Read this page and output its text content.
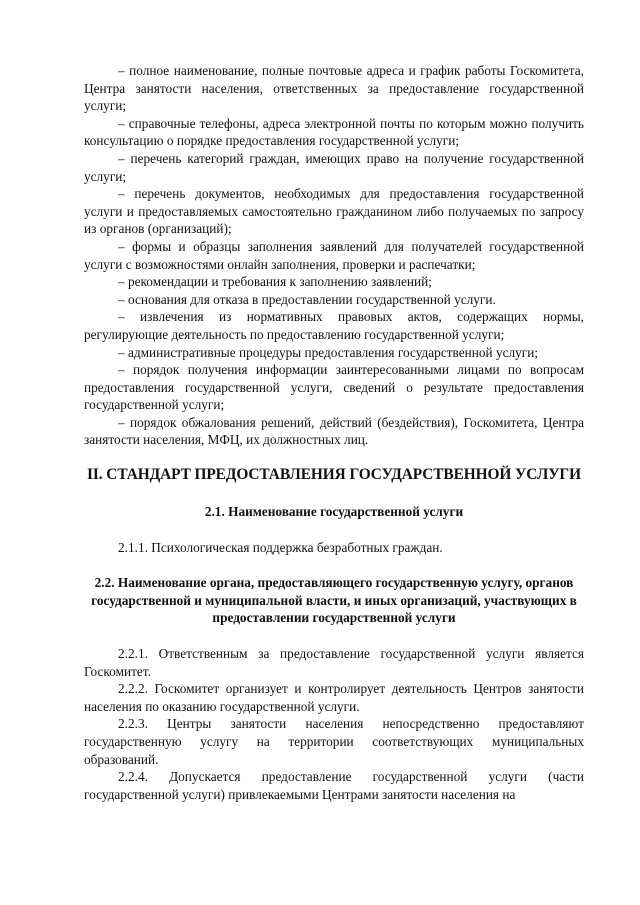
– полное наименование, полные почтовые адреса и график работы Госкомитета, Центра занятости населения, ответственных за предоставление государственной услуги;

– справочные телефоны, адреса электронной почты по которым можно получить консультацию о порядке предоставления государственной услуги;

– перечень категорий граждан, имеющих право на получение государственной услуги;

– перечень документов, необходимых для предоставления государственной услуги и предоставляемых самостоятельно гражданином либо получаемых по запросу из органов (организаций);

– формы и образцы заполнения заявлений для получателей государственной услуги с возможностями онлайн заполнения, проверки и распечатки;

– рекомендации и требования к заполнению заявлений;

– основания для отказа в предоставлении государственной услуги.

– извлечения из нормативных правовых актов, содержащих нормы, регулирующие деятельность по предоставлению государственной услуги;

– административные процедуры предоставления государственной услуги;

– порядок получения информации заинтересованными лицами по вопросам предоставления государственной услуги, сведений о результате предоставления государственной услуги;

– порядок обжалования решений, действий (бездействия), Госкомитета, Центра занятости населения, МФЦ, их должностных лиц.

II. СТАНДАРТ ПРЕДОСТАВЛЕНИЯ ГОСУДАРСТВЕННОЙ УСЛУГИ
2.1. Наименование государственной услуги

2.1.1. Психологическая поддержка безработных граждан.

2.2. Наименование органа, предоставляющего государственную услугу, органов государственной и муниципальной власти, и иных организаций, участвующих в предоставлении государственной услуги

2.2.1. Ответственным за предоставление государственной услуги является Госкомитет.

2.2.2. Госкомитет организует и контролирует деятельность Центров занятости населения по оказанию государственной услуги.

2.2.3. Центры занятости населения непосредственно предоставляют государственную услугу на территории соответствующих муниципальных образований.

2.2.4. Допускается предоставление государственной услуги (части государственной услуги) привлекаемыми Центрами занятости населения на
